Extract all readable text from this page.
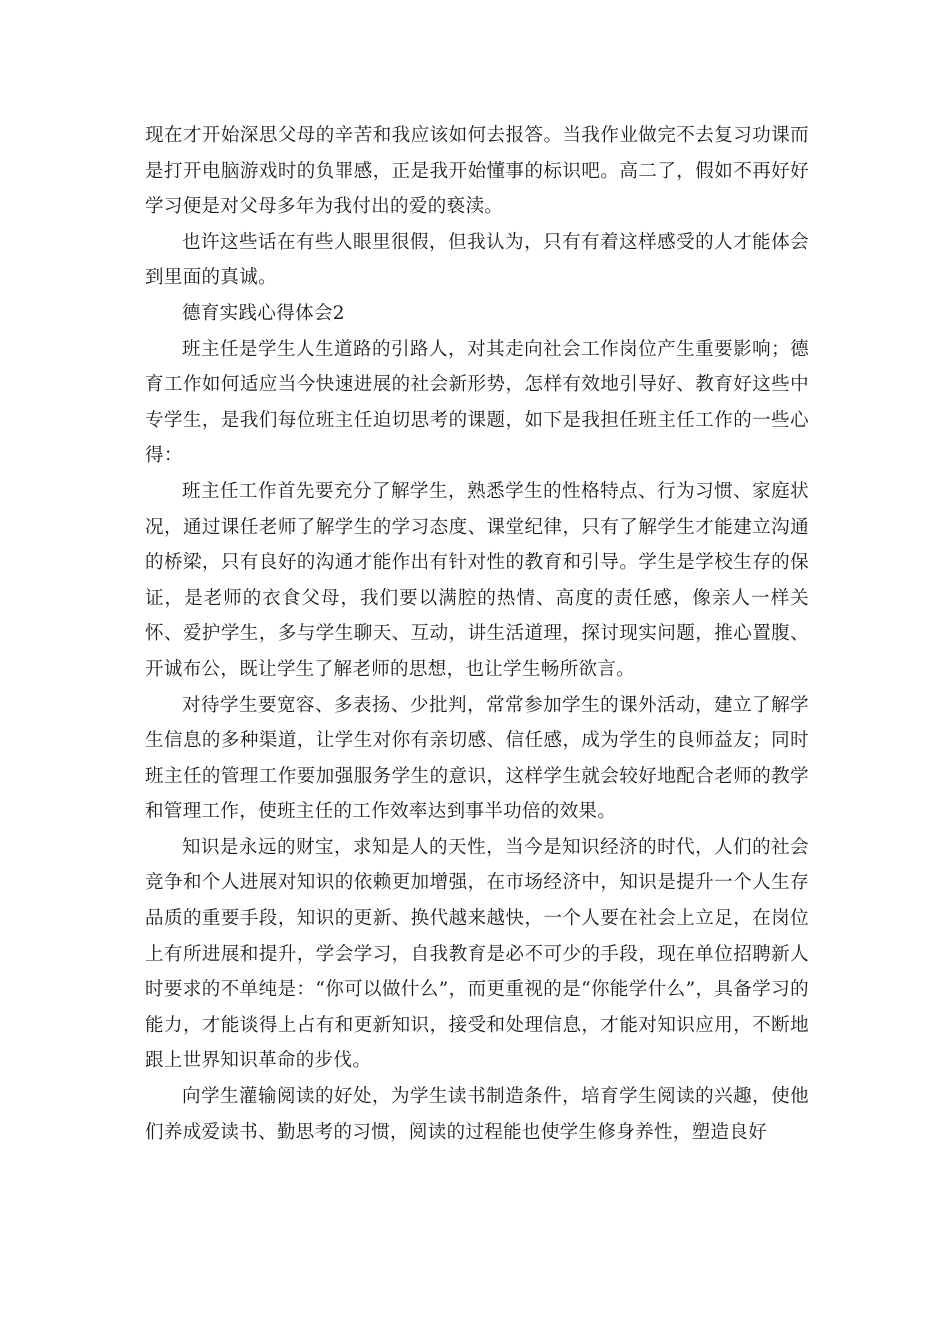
现在才开始深思父母的辛苦和我应该如何去报答。当我作业做完不去复习功课而是打开电脑游戏时的负罪感，正是我开始懂事的标识吧。高二了，假如不再好好学习便是对父母多年为我付出的爱的亵渎。

也许这些话在有些人眼里很假，但我认为，只有有着这样感受的人才能体会到里面的真诚。

德育实践心得体会2

班主任是学生人生道路的引路人，对其走向社会工作岗位产生重要影响；德育工作如何适应当今快速进展的社会新形势，怎样有效地引导好、教育好这些中专学生，是我们每位班主任迫切思考的课题，如下是我担任班主任工作的一些心得：

班主任工作首先要充分了解学生，熟悉学生的性格特点、行为习惯、家庭状况，通过课任老师了解学生的学习态度、课堂纪律，只有了解学生才能建立沟通的桥梁，只有良好的沟通才能作出有针对性的教育和引导。学生是学校生存的保证，是老师的衣食父母，我们要以满腔的热情、高度的责任感，像亲人一样关怀、爱护学生，多与学生聊天、互动，讲生活道理，探讨现实问题，推心置腹、开诚布公，既让学生了解老师的思想，也让学生畅所欲言。

对待学生要宽容、多表扬、少批判，常常参加学生的课外活动，建立了解学生信息的多种渠道，让学生对你有亲切感、信任感，成为学生的良师益友；同时班主任的管理工作要加强服务学生的意识，这样学生就会较好地配合老师的教学和管理工作，使班主任的工作效率达到事半功倍的效果。

知识是永远的财宝，求知是人的天性，当今是知识经济的时代，人们的社会竞争和个人进展对知识的依赖更加增强，在市场经济中，知识是提升一个人生存品质的重要手段，知识的更新、换代越来越快，一个人要在社会上立足，在岗位上有所进展和提升，学会学习，自我教育是必不可少的手段，现在单位招聘新人时要求的不单纯是：“你可以做什么”，而更重视的是“你能学什么”，具备学习的能力，才能谈得上占有和更新知识，接受和处理信息，才能对知识应用，不断地跟上世界知识革命的步伐。

向学生灌输阅读的好处，为学生读书制造条件，培育学生阅读的兴趣，使他们养成爱读书、勤思考的习惯，阅读的过程能也使学生修身养性，塑造良好
